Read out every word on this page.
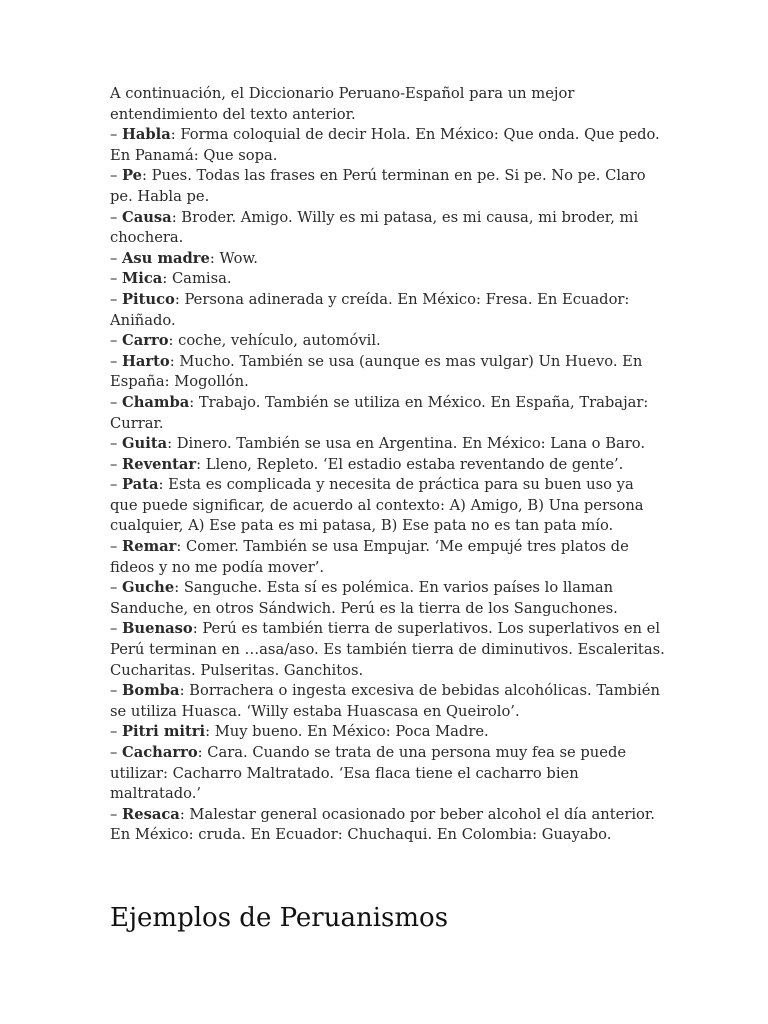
A continuación, el Diccionario Peruano-Español para un mejor entendimiento del texto anterior.

– Habla: Forma coloquial de decir Hola. En México: Que onda. Que pedo. En Panamá: Que sopa.
– Pe: Pues. Todas las frases en Perú terminan en pe. Si pe. No pe. Claro pe. Habla pe.
– Causa: Broder. Amigo. Willy es mi patasa, es mi causa, mi broder, mi chochera.
– Asu madre: Wow.
– Mica: Camisa.
– Pituco: Persona adinerada y creída. En México: Fresa. En Ecuador: Aniñado.
– Carro: coche, vehículo, automóvil.
– Harto: Mucho. También se usa (aunque es mas vulgar) Un Huevo. En España: Mogollón.
– Chamba: Trabajo. También se utiliza en México. En España, Trabajar: Currar.
– Guita: Dinero. También se usa en Argentina. En México: Lana o Baro.
– Reventar: Lleno, Repleto. ‘El estadio estaba reventando de gente’.
– Pata: Esta es complicada y necesita de práctica para su buen uso ya que puede significar, de acuerdo al contexto: A) Amigo, B) Una persona cualquier, A) Ese pata es mi patasa, B) Ese pata no es tan pata mío.
– Remar: Comer. También se usa Empujar. ‘Me empujé tres platos de fideos y no me podía mover’.
– Guche: Sanguche. Esta sí es polémica. En varios países lo llaman Sanduche, en otros Sándwich. Perú es la tierra de los Sanguchones.
– Buenaso: Perú es también tierra de superlativos. Los superlativos en el Perú terminan en …asa/aso. Es también tierra de diminutivos. Escaleritas. Cucharitas. Pulseritas. Ganchitos.
– Bomba: Borrachera o ingesta excesiva de bebidas alcohólicas. También se utiliza Huasca. ‘Willy estaba Huascasa en Queirolo’.
– Pitri mitri: Muy bueno. En México: Poca Madre.
– Cacharro: Cara. Cuando se trata de una persona muy fea se puede utilizar: Cacharro Maltratado. ‘Esa flaca tiene el cacharro bien maltratado.’
– Resaca: Malestar general ocasionado por beber alcohol el día anterior. En México: cruda. En Ecuador: Chuchaqui. En Colombia: Guayabo.
Ejemplos de Peruanismos
